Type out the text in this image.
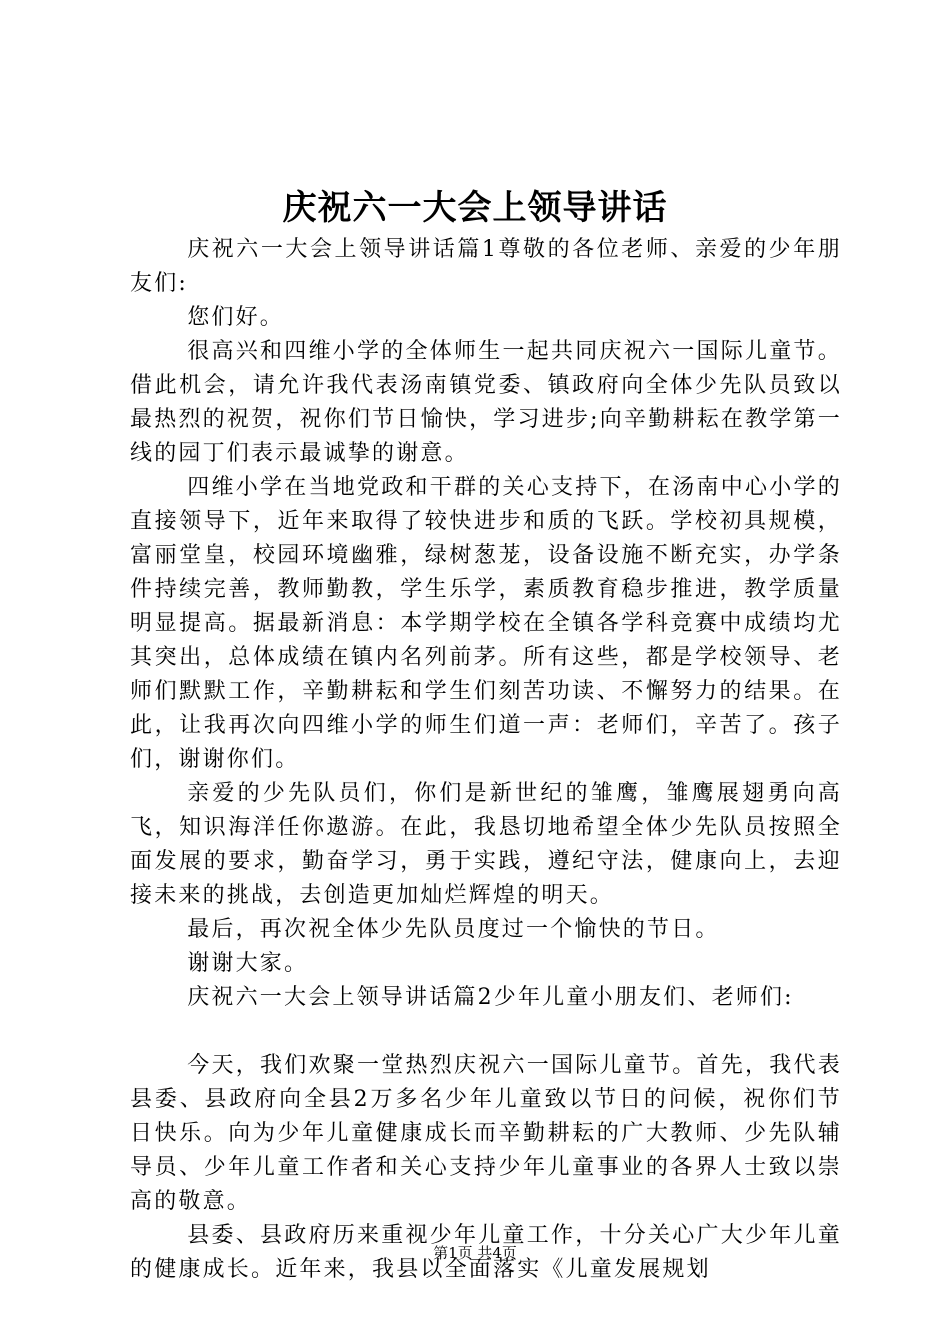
庆祝六一大会上领导讲话

庆祝六一大会上领导讲话篇1尊敬的各位老师、亲爱的少年朋友们:

您们好。

很高兴和四维小学的全体师生一起共同庆祝六一国际儿童节。借此机会，请允许我代表汤南镇党委、镇政府向全体少先队员致以最热烈的祝贺，祝你们节日愉快，学习进步;向辛勤耕耘在教学第一线的园丁们表示最诚挚的谢意。

四维小学在当地党政和干群的关心支持下，在汤南中心小学的直接领导下，近年来取得了较快进步和质的飞跃。学校初具规模，富丽堂皇，校园环境幽雅，绿树葱茏，设备设施不断充实，办学条件持续完善，教师勤教，学生乐学，素质教育稳步推进，教学质量明显提高。据最新消息：本学期学校在全镇各学科竞赛中成绩均尤其突出，总体成绩在镇内名列前茅。所有这些，都是学校领导、老师们默默工作，辛勤耕耘和学生们刻苦功读、不懈努力的结果。在此，让我再次向四维小学的师生们道一声：老师们，辛苦了。孩子们，谢谢你们。

亲爱的少先队员们，你们是新世纪的雏鹰，雏鹰展翅勇向高飞，知识海洋任你遨游。在此，我恳切地希望全体少先队员按照全面发展的要求，勤奋学习，勇于实践，遵纪守法，健康向上，去迎接未来的挑战，去创造更加灿烂辉煌的明天。

最后，再次祝全体少先队员度过一个愉快的节日。

谢谢大家。

庆祝六一大会上领导讲话篇2少年儿童小朋友们、老师们:

今天，我们欢聚一堂热烈庆祝六一国际儿童节。首先，我代表县委、县政府向全县2万多名少年儿童致以节日的问候，祝你们节日快乐。向为少年儿童健康成长而辛勤耕耘的广大教师、少先队辅导员、少年儿童工作者和关心支持少年儿童事业的各界人士致以崇高的敬意。

县委、县政府历来重视少年儿童工作，十分关心广大少年儿童的健康成长。近年来，我县以全面落实《儿童发展规划

第1页 共4页
